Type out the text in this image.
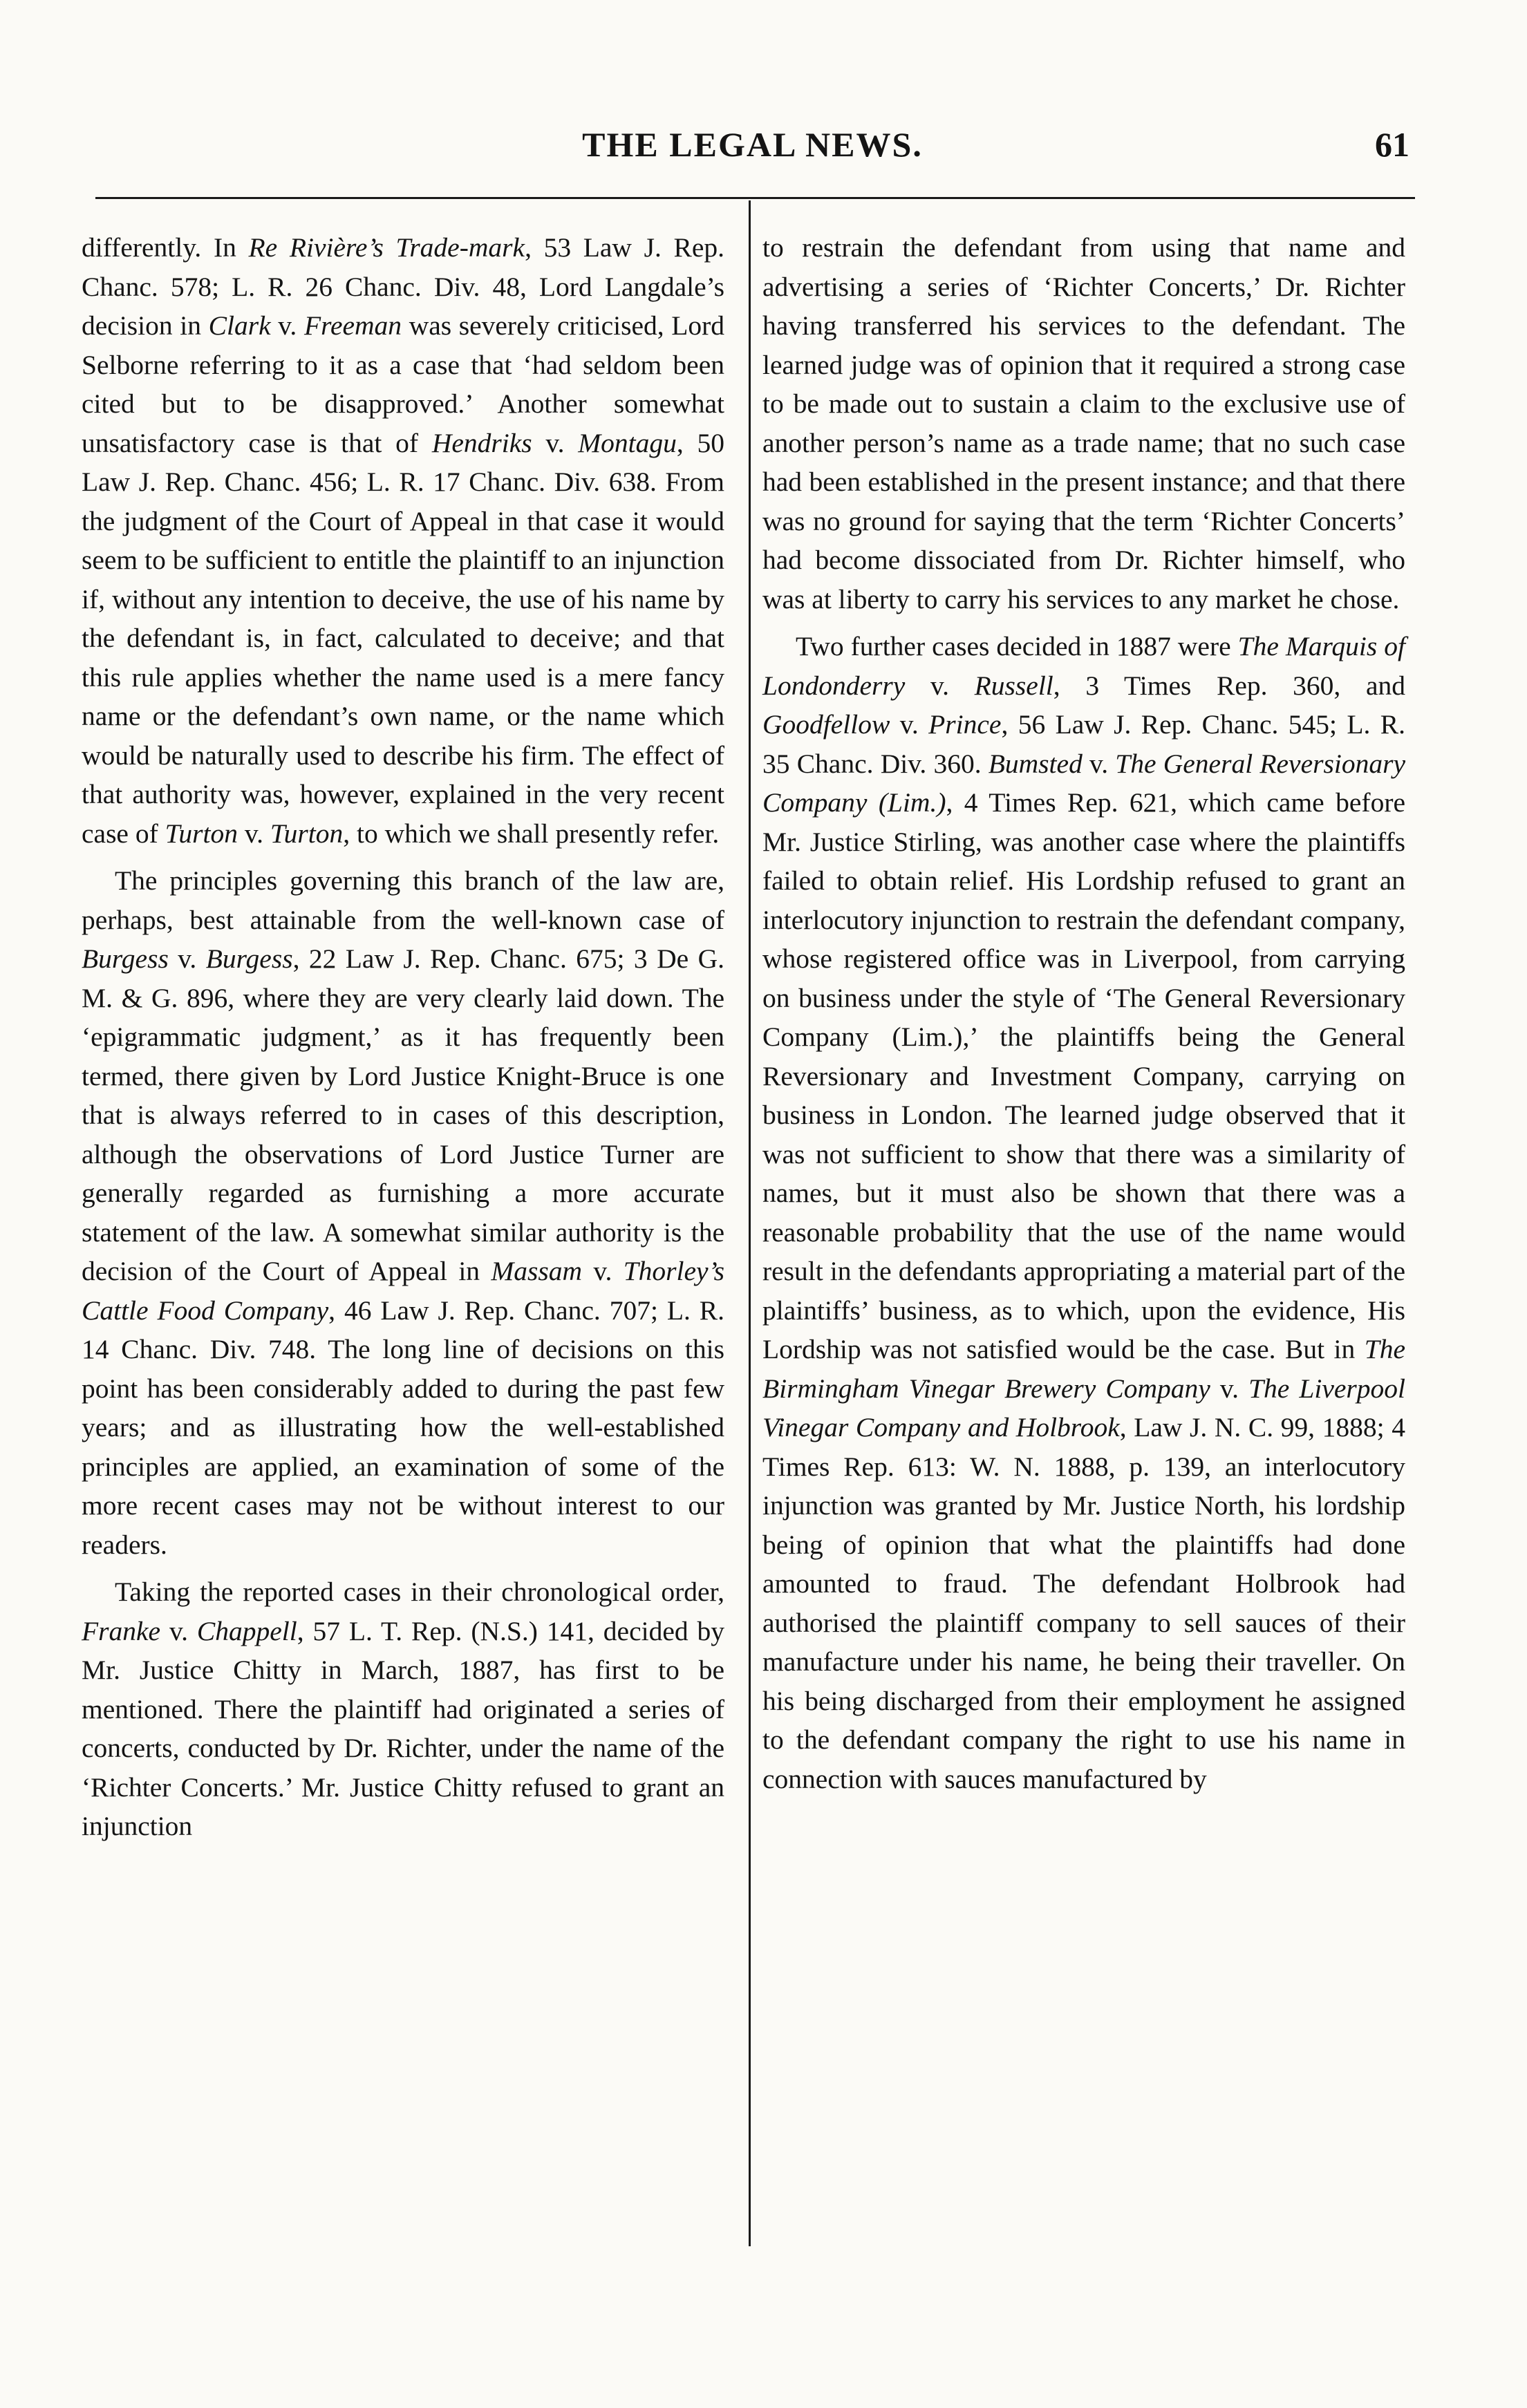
THE LEGAL NEWS.	61

differently. In Re Rivière’s Trade-mark, 53 Law J. Rep. Chanc. 578; L. R. 26 Chanc. Div. 48, Lord Langdale’s decision in Clark v. Freeman was severely criticised, Lord Selborne referring to it as a case that ‘had seldom been cited but to be disapproved.’ Another somewhat unsatisfactory case is that of Hendriks v. Montagu, 50 Law J. Rep. Chanc. 456; L. R. 17 Chanc. Div. 638. From the judgment of the Court of Appeal in that case it would seem to be sufficient to entitle the plaintiff to an injunction if, without any intention to deceive, the use of his name by the defendant is, in fact, calculated to deceive; and that this rule applies whether the name used is a mere fancy name or the defendant’s own name, or the name which would be naturally used to describe his firm. The effect of that authority was, however, explained in the very recent case of Turton v. Turton, to which we shall presently refer.

The principles governing this branch of the law are, perhaps, best attainable from the well-known case of Burgess v. Burgess, 22 Law J. Rep. Chanc. 675; 3 De G. M. & G. 896, where they are very clearly laid down. The ‘epigrammatic judgment,’ as it has frequently been termed, there given by Lord Justice Knight-Bruce is one that is always referred to in cases of this description, although the observations of Lord Justice Turner are generally regarded as furnishing a more accurate statement of the law. A somewhat similar authority is the decision of the Court of Appeal in Massam v. Thorley’s Cattle Food Company, 46 Law J. Rep. Chanc. 707; L. R. 14 Chanc. Div. 748. The long line of decisions on this point has been considerably added to during the past few years; and as illustrating how the well-established principles are applied, an examination of some of the more recent cases may not be without interest to our readers.

Taking the reported cases in their chronological order, Franke v. Chappell, 57 L. T. Rep. (N.S.) 141, decided by Mr. Justice Chitty in March, 1887, has first to be mentioned. There the plaintiff had originated a series of concerts, conducted by Dr. Richter, under the name of the ‘Richter Concerts.’ Mr. Justice Chitty refused to grant an injunction

to restrain the defendant from using that name and advertising a series of ‘Richter Concerts,’ Dr. Richter having transferred his services to the defendant. The learned judge was of opinion that it required a strong case to be made out to sustain a claim to the exclusive use of another person’s name as a trade name; that no such case had been established in the present instance; and that there was no ground for saying that the term ‘Richter Concerts’ had become dissociated from Dr. Richter himself, who was at liberty to carry his services to any market he chose.

Two further cases decided in 1887 were The Marquis of Londonderry v. Russell, 3 Times Rep. 360, and Goodfellow v. Prince, 56 Law J. Rep. Chanc. 545; L. R. 35 Chanc. Div. 360. Bumsted v. The General Reversionary Company (Lim.), 4 Times Rep. 621, which came before Mr. Justice Stirling, was another case where the plaintiffs failed to obtain relief. His Lordship refused to grant an interlocutory injunction to restrain the defendant company, whose registered office was in Liverpool, from carrying on business under the style of ‘The General Reversionary Company (Lim.),’ the plaintiffs being the General Reversionary and Investment Company, carrying on business in London. The learned judge observed that it was not sufficient to show that there was a similarity of names, but it must also be shown that there was a reasonable probability that the use of the name would result in the defendants appropriating a material part of the plaintiffs’ business, as to which, upon the evidence, His Lordship was not satisfied would be the case. But in The Birmingham Vinegar Brewery Company v. The Liverpool Vinegar Company and Holbrook, Law J. N. C. 99, 1888; 4 Times Rep. 613: W. N. 1888, p. 139, an interlocutory injunction was granted by Mr. Justice North, his lordship being of opinion that what the plaintiffs had done amounted to fraud. The defendant Holbrook had authorised the plaintiff company to sell sauces of their manufacture under his name, he being their traveller. On his being discharged from their employment he assigned to the defendant company the right to use his name in connection with sauces manufactured by
